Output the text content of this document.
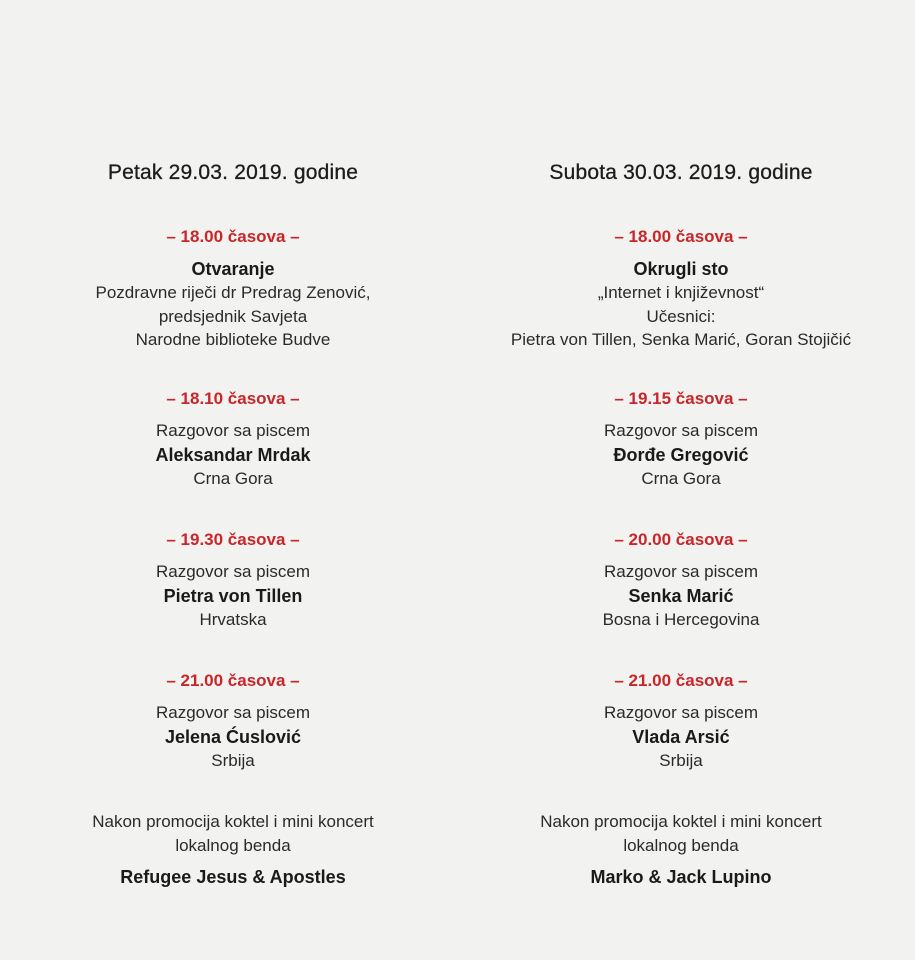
Petak 29.03. 2019. godine
– 18.00 časova –
Otvaranje
Pozdravne riječi dr Predrag Zenović,
predsjednik Savjeta
Narodne biblioteke Budve
– 18.10 časova –
Razgovor sa piscem
Aleksandar Mrdak
Crna Gora
– 19.30 časova –
Razgovor sa piscem
Pietra von Tillen
Hrvatska
– 21.00 časova –
Razgovor sa piscem
Jelena Ćuslović
Srbija
Nakon promocija koktel i mini koncert
lokalnog benda
Refugee Jesus & Apostles
Subota 30.03. 2019. godine
– 18.00 časova –
Okrugli sto
„Internet i književnost“
Učesnici:
Pietra von Tillen, Senka Marić, Goran Stojičić
– 19.15 časova –
Razgovor sa piscem
Đorđe Gregović
Crna Gora
– 20.00 časova –
Razgovor sa piscem
Senka Marić
Bosna i Hercegovina
– 21.00 časova –
Razgovor sa piscem
Vlada Arsić
Srbija
Nakon promocija koktel i mini koncert
lokalnog benda
Marko & Jack Lupino
